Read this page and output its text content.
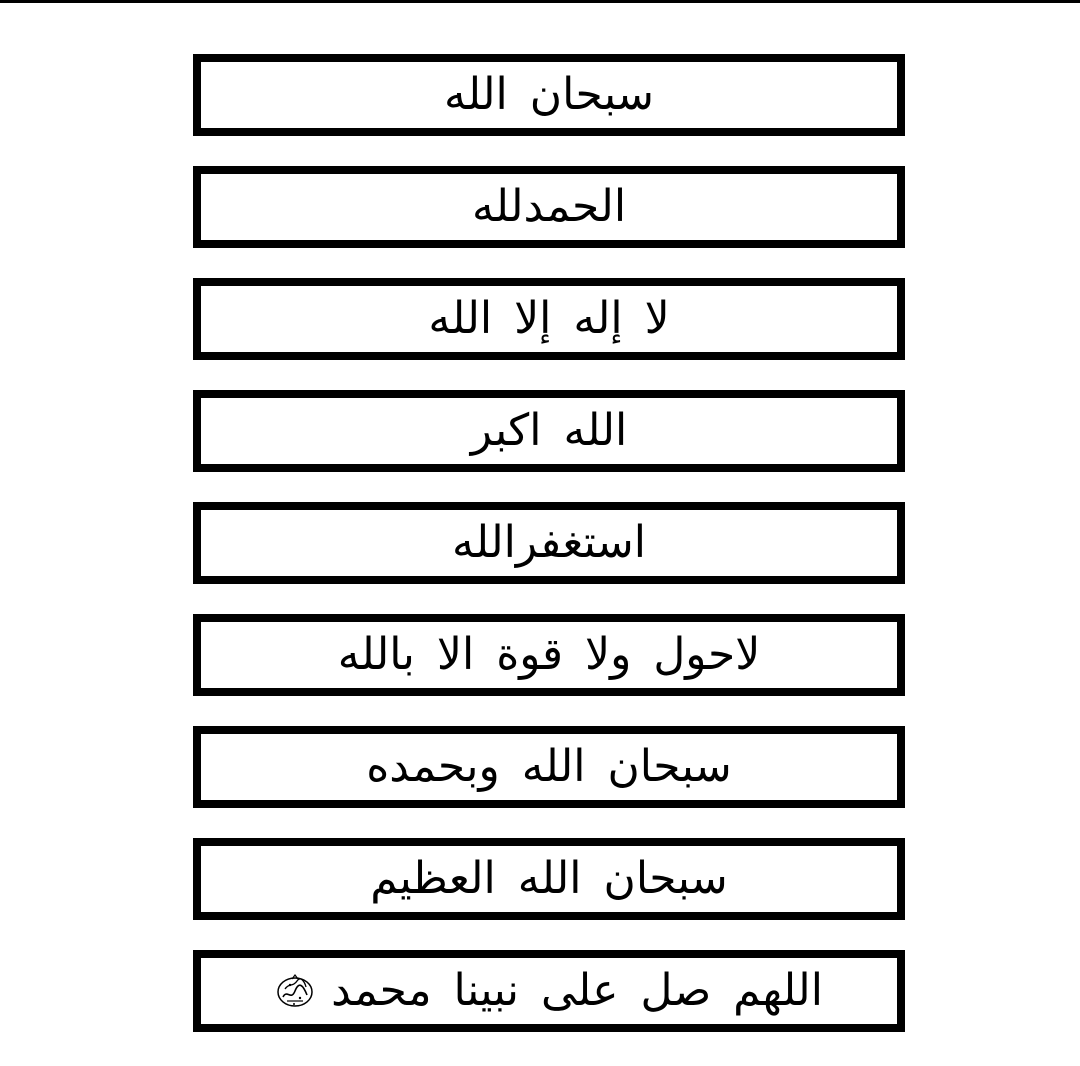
سبحان الله
الحمدلله
لا إله إلا الله
الله اكبر
استغفرالله
لاحول ولا قوة الا بالله
سبحان الله وبحمده
سبحان الله العظيم
اللهم صل على نبينا محمد
